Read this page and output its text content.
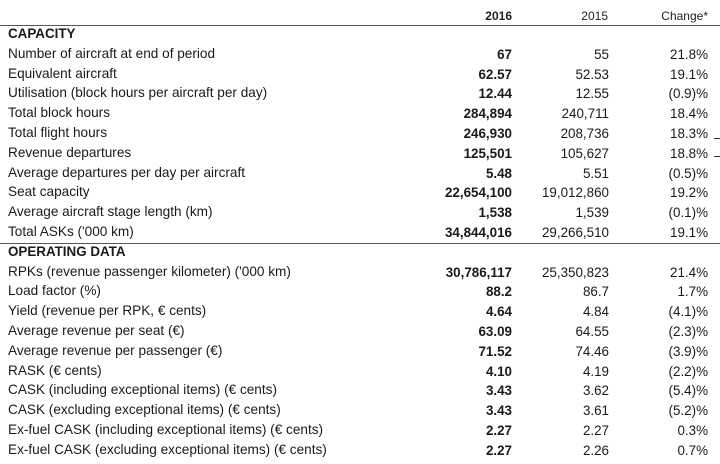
2016	2015	Change*
CAPACITY
Number of aircraft at end of period	67	55	21.8%
Equivalent aircraft	62.57	52.53	19.1%
Utilisation (block hours per aircraft per day)	12.44	12.55	(0.9)%
Total block hours	284,894	240,711	18.4%
Total flight hours	246,930	208,736	18.3%
Revenue departures	125,501	105,627	18.8%
Average departures per day per aircraft	5.48	5.51	(0.5)%
Seat capacity	22,654,100	19,012,860	19.2%
Average aircraft stage length (km)	1,538	1,539	(0.1)%
Total ASKs ('000 km)	34,844,016	29,266,510	19.1%
OPERATING DATA
RPKs (revenue passenger kilometer) ('000 km)	30,786,117	25,350,823	21.4%
Load factor (%)	88.2	86.7	1.7%
Yield (revenue per RPK, € cents)	4.64	4.84	(4.1)%
Average revenue per seat (€)	63.09	64.55	(2.3)%
Average revenue per passenger (€)	71.52	74.46	(3.9)%
RASK (€ cents)	4.10	4.19	(2.2)%
CASK (including exceptional items) (€ cents)	3.43	3.62	(5.4)%
CASK (excluding exceptional items) (€ cents)	3.43	3.61	(5.2)%
Ex-fuel CASK (including exceptional items) (€ cents)	2.27	2.27	0.3%
Ex-fuel CASK (excluding exceptional items) (€ cents)	2.27	2.26	0.7%
